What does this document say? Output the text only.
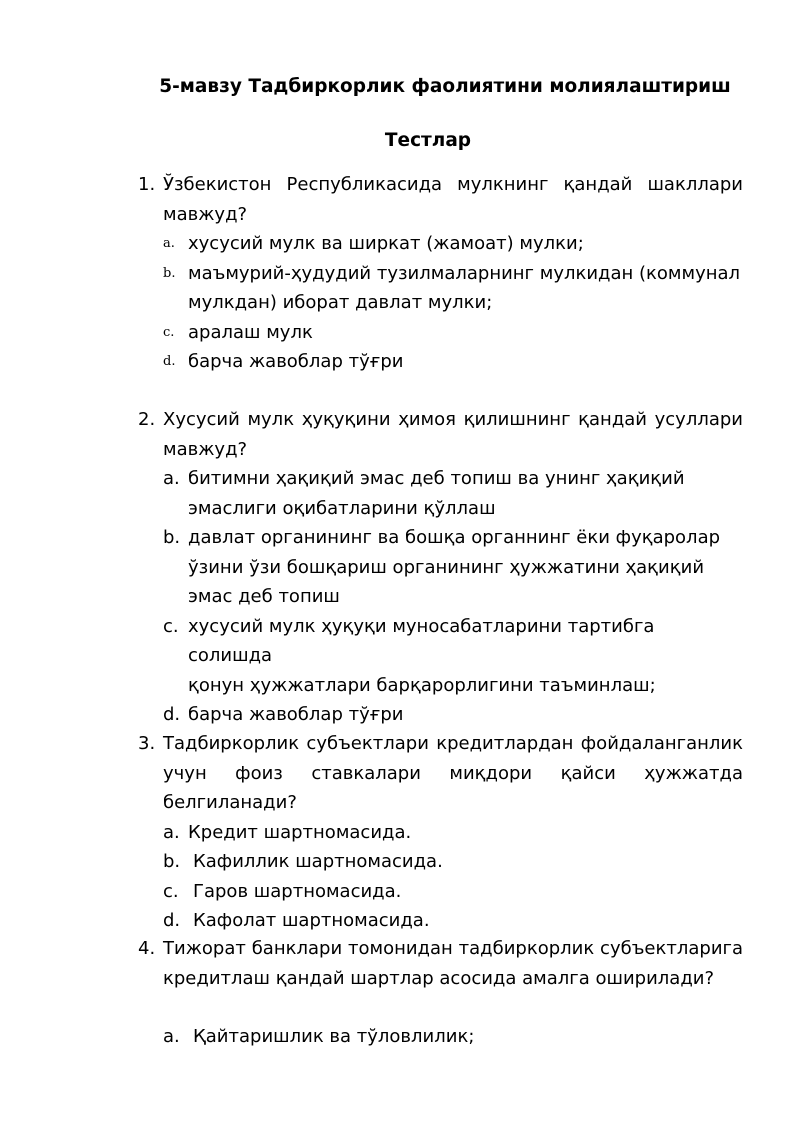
5-мавзу Тадбиркорлик фаолиятини молиялаштириш
Тестлар
1. Ўзбекистон Республикасида мулкнинг қандай шакллари
мавжуд?
a. хусусий мулк ва ширкат (жамоат) мулки;
b. маъмурий-ҳудудий тузилмаларнинг мулкидан (коммунал
мулкдан) иборат давлат мулки;
c. аралаш мулк
d. барча жавоблар тўғри
2. Хусусий мулк ҳуқуқини ҳимоя қилишнинг қандай усуллари
мавжуд?
a. битимни ҳақиқий эмас деб топиш ва унинг ҳақиқий
эмаслиги оқибатларини қўллаш
b. давлат органининг ва бошқа органнинг ёки фуқаролар
ўзини ўзи бошқариш органининг ҳужжатини ҳақиқий
эмас деб топиш
c. хусусий мулк ҳуқуқи муносабатларини тартибга солишда
қонун ҳужжатлари барқарорлигини таъминлаш;
d. барча жавоблар тўғри
3. Тадбиркорлик субъектлари кредитлардан фойдаланганлик
учун фоиз ставкалари миқдори қайси ҳужжатда белгиланади?
a. Кредит шартномасида.
b. Кафиллик шартномасида.
c. Гаров шартномасида.
d. Кафолат шартномасида.
4. Тижорат банклари томонидан тадбиркорлик субъектларига
кредитлаш қандай шартлар асосида амалга оширилади?
a. Қайтаришлик ва тўловлилик;
